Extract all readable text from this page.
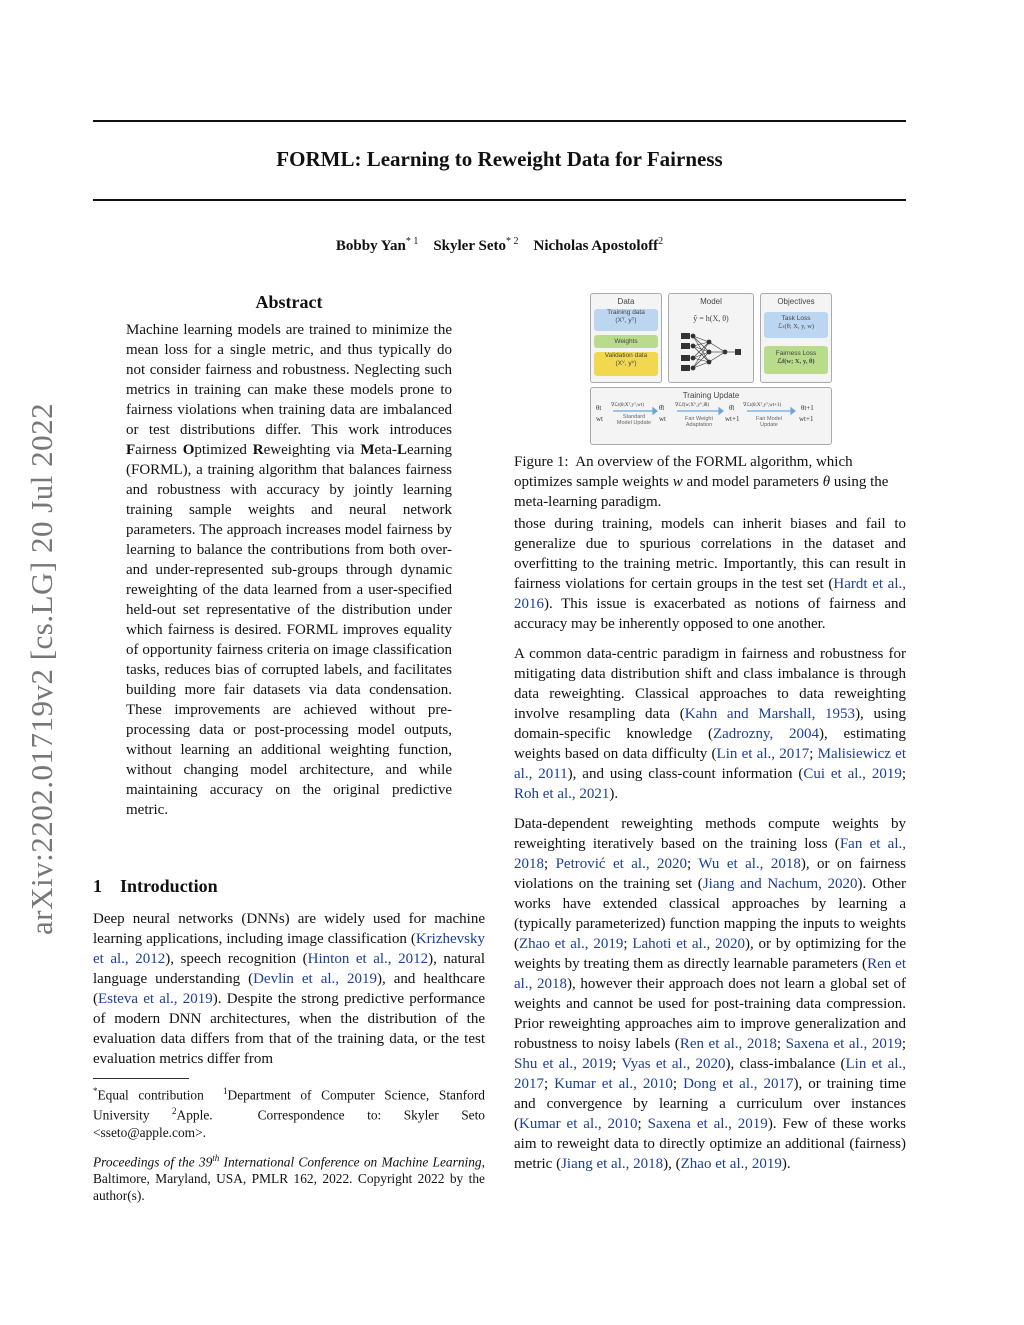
FORML: Learning to Reweight Data for Fairness
Bobby Yan$^{* 1}$ Skyler Seto$^{* 2}$ Nicholas Apostoloff$^2$
arXiv:2202.01719v2 [cs.LG] 20 Jul 2022
Abstract
Machine learning models are trained to minimize the mean loss for a single metric, and thus typically do not consider fairness and robustness. Neglecting such metrics in training can make these models prone to fairness violations when training data are imbalanced or test distributions differ. This work introduces Fairness Optimized Reweighting via Meta-Learning (FORML), a training algorithm that balances fairness and robustness with accuracy by jointly learning training sample weights and neural network parameters. The approach increases model fairness by learning to balance the contributions from both over- and under-represented sub-groups through dynamic reweighting of the data learned from a user-specified held-out set representative of the distribution under which fairness is desired. FORML improves equality of opportunity fairness criteria on image classification tasks, reduces bias of corrupted labels, and facilitates building more fair datasets via data condensation. These improvements are achieved without pre-processing data or post-processing model outputs, without learning an additional weighting function, without changing model architecture, and while maintaining accuracy on the original predictive metric.
1 Introduction
Deep neural networks (DNNs) are widely used for machine learning applications, including image classification (Krizhevsky et al., 2012), speech recognition (Hinton et al., 2012), natural language understanding (Devlin et al., 2019), and healthcare (Esteva et al., 2019). Despite the strong predictive performance of modern DNN architectures, when the distribution of the evaluation data differs from that of the training data, or the test evaluation metrics differ from
*Equal contribution $^1$Department of Computer Science, Stanford University	$^2$Apple.	Correspondence to: Skyler Seto <sseto@apple.com>.
Proceedings of the 39th International Conference on Machine Learning, Baltimore, Maryland, USA, PMLR 162, 2022. Copyright 2022 by the author(s).
Data
Training data
(Xᵀ, yᵀ)
Weights
Validation data
(Xⱽ, yⱽ)
Model
ŷ = h(X, θ)
Objectives
Task Loss
ℒₜ(θ; X, y, w)
Fairness Loss
ℒf(w; X, y, θ)
Training Update
θt
wt
∇ℒt(θ;Xᵀ,yᵀ,wt)
Standard Model Update
θ̂t
wt
∇ℒf(w;Xⱽ,yⱽ,θ̂t)
Fair Weight Adaptation
θ̂t
wt+1
∇ℒt(θ;Xᵀ,yᵀ,wt+1)
Fair Model Update
θt+1
wt+1
Figure 1: An overview of the FORML algorithm, which optimizes sample weights w and model parameters θ using the meta-learning paradigm.

those during training, models can inherit biases and fail to generalize due to spurious correlations in the dataset and overfitting to the training metric. Importantly, this can result in fairness violations for certain groups in the test set (Hardt et al., 2016). This issue is exacerbated as notions of fairness and accuracy may be inherently opposed to one another.

A common data-centric paradigm in fairness and robustness for mitigating data distribution shift and class imbalance is through data reweighting. Classical approaches to data reweighting involve resampling data (Kahn and Marshall, 1953), using domain-specific knowledge (Zadrozny, 2004), estimating weights based on data difficulty (Lin et al., 2017; Malisiewicz et al., 2011), and using class-count information (Cui et al., 2019; Roh et al., 2021).

Data-dependent reweighting methods compute weights by reweighting iteratively based on the training loss (Fan et al., 2018; Petrović et al., 2020; Wu et al., 2018), or on fairness violations on the training set (Jiang and Nachum, 2020). Other works have extended classical approaches by learning a (typically parameterized) function mapping the inputs to weights (Zhao et al., 2019; Lahoti et al., 2020), or by optimizing for the weights by treating them as directly learnable parameters (Ren et al., 2018), however their approach does not learn a global set of weights and cannot be used for post-training data compression. Prior reweighting approaches aim to improve generalization and robustness to noisy labels (Ren et al., 2018; Saxena et al., 2019; Shu et al., 2019; Vyas et al., 2020), class-imbalance (Lin et al., 2017; Kumar et al., 2010; Dong et al., 2017), or training time and convergence by learning a curriculum over instances (Kumar et al., 2010; Saxena et al., 2019). Few of these works aim to reweight data to directly optimize an additional (fairness) metric (Jiang et al., 2018), (Zhao et al., 2019).
